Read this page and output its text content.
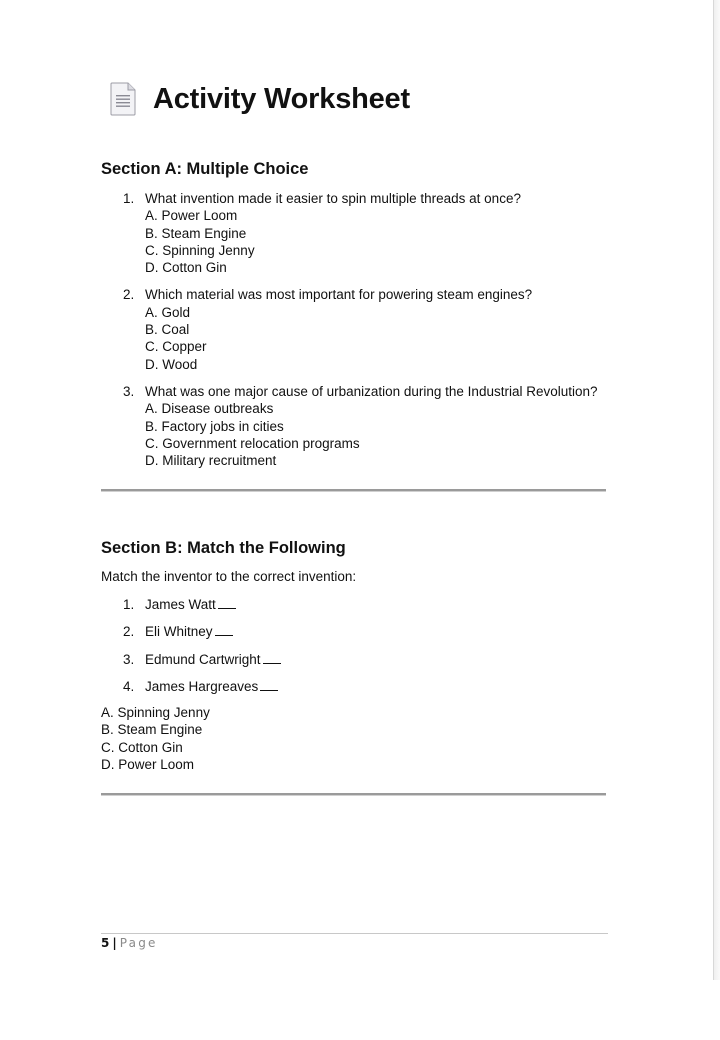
Activity Worksheet
Section A: Multiple Choice
1. What invention made it easier to spin multiple threads at once?
A. Power Loom
B. Steam Engine
C. Spinning Jenny
D. Cotton Gin
2. Which material was most important for powering steam engines?
A. Gold
B. Coal
C. Copper
D. Wood
3. What was one major cause of urbanization during the Industrial Revolution?
A. Disease outbreaks
B. Factory jobs in cities
C. Government relocation programs
D. Military recruitment
Section B: Match the Following
Match the inventor to the correct invention:
1. James Watt
2. Eli Whitney
3. Edmund Cartwright
4. James Hargreaves
A. Spinning Jenny
B. Steam Engine
C. Cotton Gin
D. Power Loom
5 | Page
